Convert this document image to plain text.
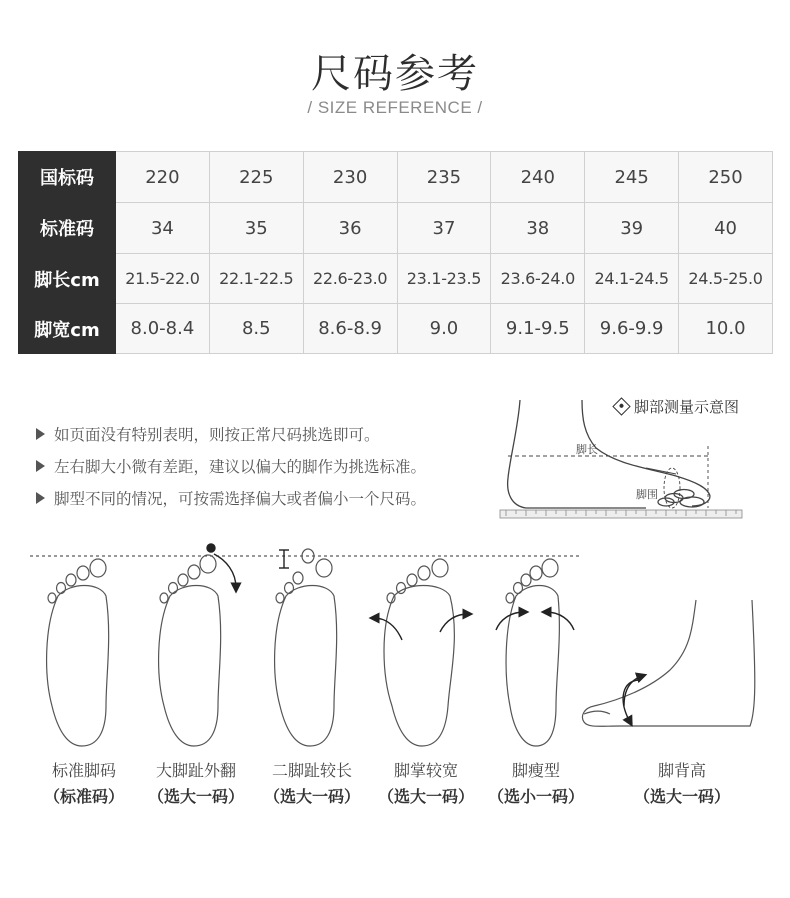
尺码参考
/ SIZE REFERENCE /
国标码	220	225	230	235	240	245	250
标准码	34	35	36	37	38	39	40
脚长cm	21.5-22.0	22.1-22.5	22.6-23.0	23.1-23.5	23.6-24.0	24.1-24.5	24.5-25.0
脚宽cm	8.0-8.4	8.5	8.6-8.9	9.0	9.1-9.5	9.6-9.9	10.0
如页面没有特别表明，则按正常尺码挑选即可。
左右脚大小微有差距，建议以偏大的脚作为挑选标准。
脚型不同的情况，可按需选择偏大或者偏小一个尺码。
脚长
脚围
脚部测量示意图
标准脚码
（标准码）
大脚趾外翻
（选大一码）
二脚趾较长
（选大一码）
脚掌较宽
（选大一码）
脚瘦型
（选小一码）
脚背高
（选大一码）
